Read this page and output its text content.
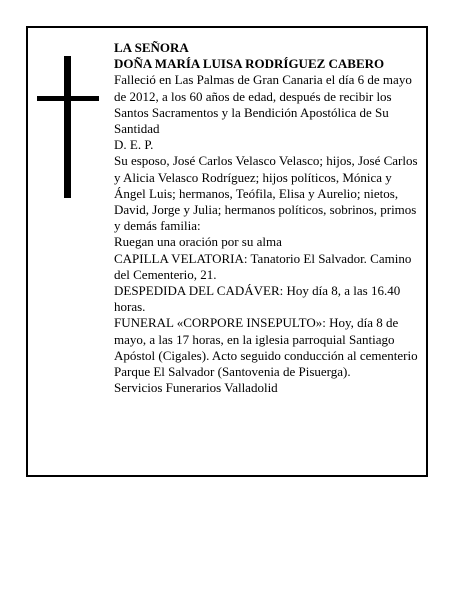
LA SEÑORA

DOÑA MARÍA LUISA RODRÍGUEZ CABERO

Falleció en Las Palmas de Gran Canaria el día 6 de mayo de 2012, a los 60 años de edad, después de recibir los Santos Sacramentos y la Bendición Apostólica de Su Santidad

D. E. P.

Su esposo, José Carlos Velasco Velasco; hijos, José Carlos y Alicia Velasco Rodríguez; hijos políticos, Mónica y Ángel Luis; hermanos, Teófila, Elisa y Aurelio; nietos, David, Jorge y Julia; hermanos políticos, sobrinos, primos y demás familia:

Ruegan una oración por su alma

CAPILLA VELATORIA: Tanatorio El Salvador. Camino del Cementerio, 21.

DESPEDIDA DEL CADÁVER: Hoy día 8, a las 16.40 horas.

FUNERAL «CORPORE INSEPULTO»: Hoy, día 8 de mayo, a las 17 horas, en la iglesia parroquial Santiago Apóstol (Cigales). Acto seguido conducción al cementerio Parque El Salvador (Santovenia de Pisuerga).

Servicios Funerarios Valladolid
